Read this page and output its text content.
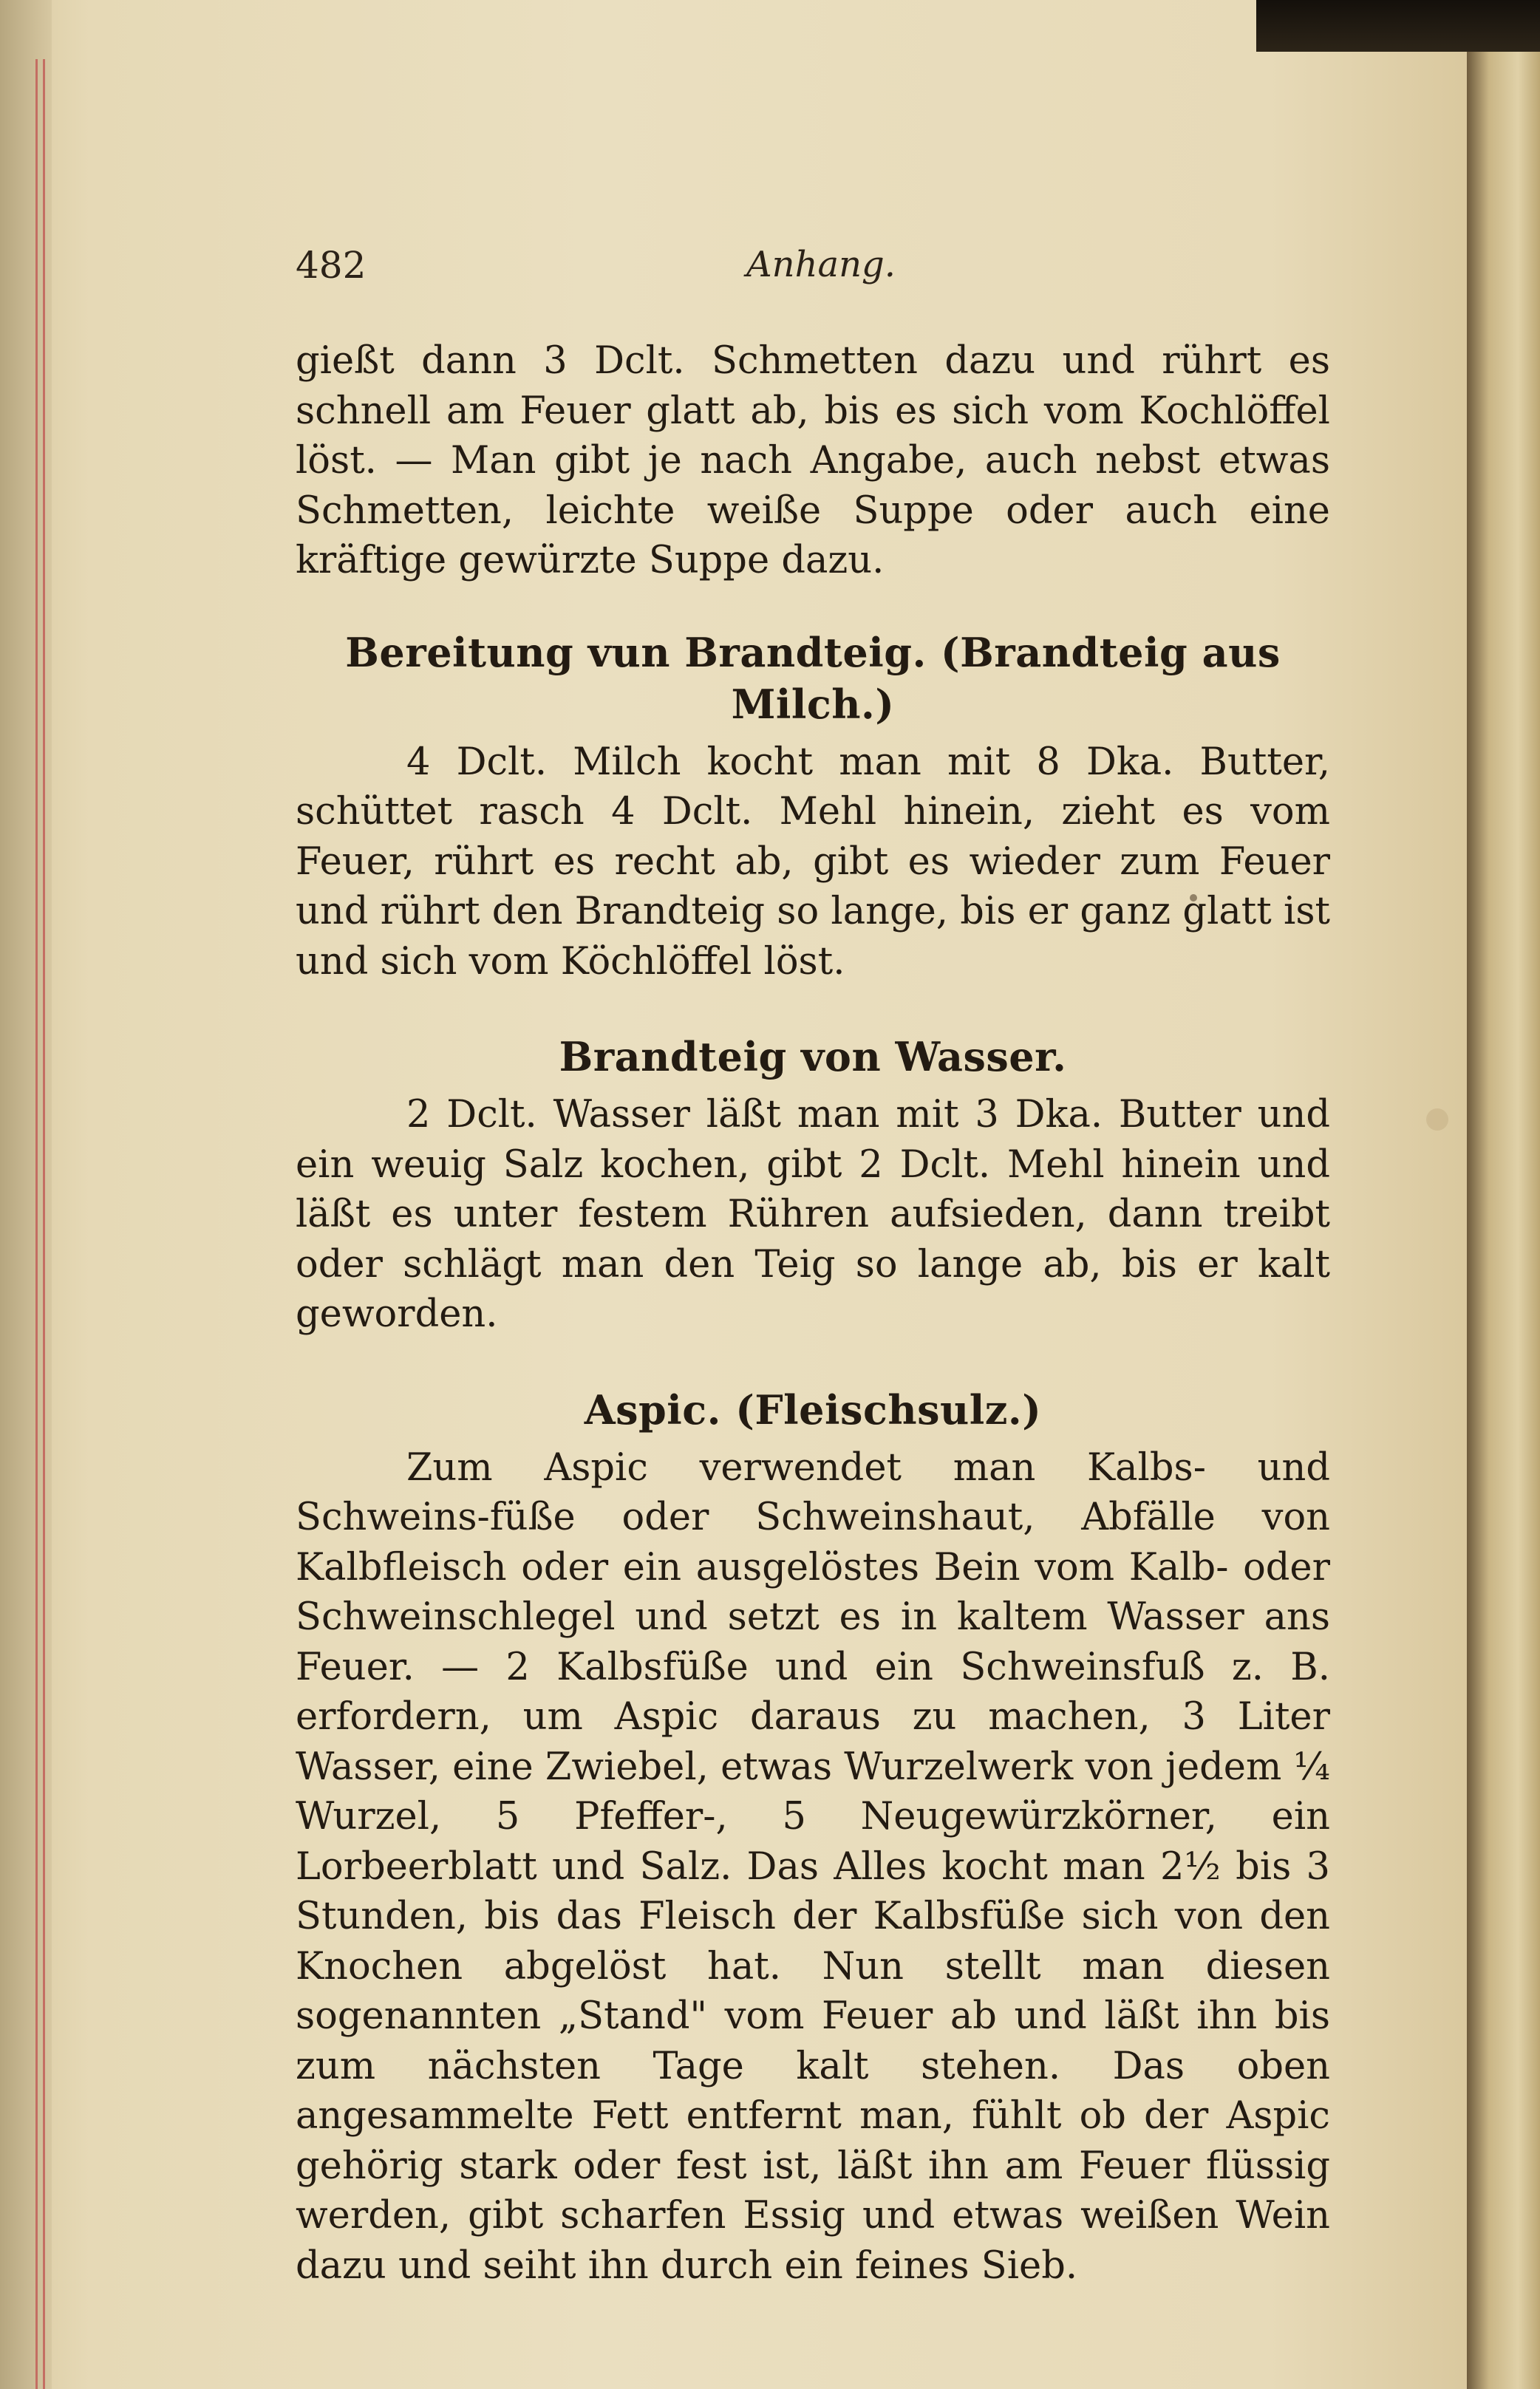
482	Anhang.

gießt dann 3 Dclt. Schmetten dazu und rührt es schnell am Feuer glatt ab, bis es sich vom Kochlöffel löst. — Man gibt je nach Angabe, auch nebst etwas Schmetten, leichte weiße Suppe oder auch eine kräftige gewürzte Suppe dazu.

Bereitung vun Brandteig. (Brandteig aus Milch.)

4 Dclt. Milch kocht man mit 8 Dka. Butter, schüttet rasch 4 Dclt. Mehl hinein, zieht es vom Feuer, rührt es recht ab, gibt es wieder zum Feuer und rührt den Brandteig so lange, bis er ganz glatt ist und sich vom Köchlöffel löst.

Brandteig von Wasser.

2 Dclt. Wasser läßt man mit 3 Dka. Butter und ein weuig Salz kochen, gibt 2 Dclt. Mehl hinein und läßt es unter festem Rühren aufsieden, dann treibt oder schlägt man den Teig so lange ab, bis er kalt geworden.

Aspic. (Fleischsulz.)

Zum Aspic verwendet man Kalbs- und Schweins-füße oder Schweinshaut, Abfälle von Kalbfleisch oder ein ausgelöstes Bein vom Kalb- oder Schweinschlegel und setzt es in kaltem Wasser ans Feuer. — 2 Kalbsfüße und ein Schweinsfuß z. B. erfordern, um Aspic daraus zu machen, 3 Liter Wasser, eine Zwiebel, etwas Wurzelwerk von jedem ¼ Wurzel, 5 Pfeffer-, 5 Neugewürzkörner, ein Lorbeerblatt und Salz. Das Alles kocht man 2½ bis 3 Stunden, bis das Fleisch der Kalbsfüße sich von den Knochen abgelöst hat. Nun stellt man diesen sogenannten „Stand" vom Feuer ab und läßt ihn bis zum nächsten Tage kalt stehen. Das oben angesammelte Fett entfernt man, fühlt ob der Aspic gehörig stark oder fest ist, läßt ihn am Feuer flüssig werden, gibt scharfen Essig und etwas weißen Wein dazu und seiht ihn durch ein feines Sieb.
